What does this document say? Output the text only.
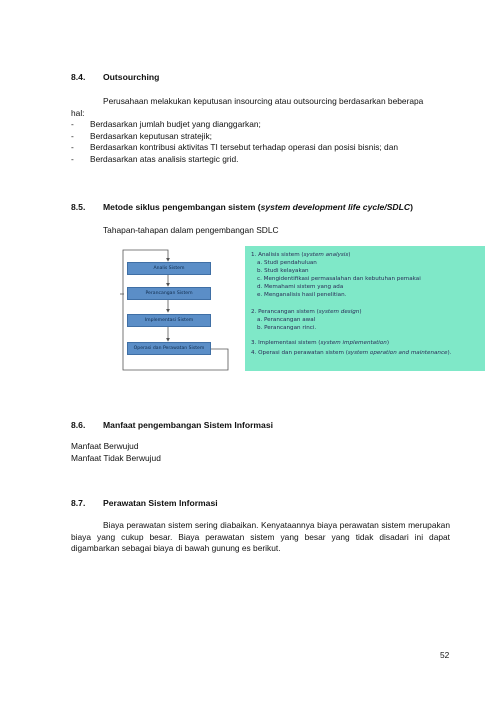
8.4. Outsourching
Perusahaan melakukan keputusan insourcing atau outsourcing berdasarkan beberapa
hal:
- Berdasarkan jumlah budjet yang dianggarkan;
- Berdasarkan keputusan stratejik;
- Berdasarkan kontribusi aktivitas TI tersebut terhadap operasi dan posisi bisnis; dan
- Berdasarkan atas analisis startegic grid.
8.5. Metode siklus pengembangan sistem (system development life cycle/SDLC)
Tahapan-tahapan dalam pengembangan SDLC
Analis Sistem
Perancangan Sistem
Implementasi Sistem
Operasi dan Perawatan Sistem
1. Analisis sistem (system analysis)
a. Studi pendahuluan
b. Studi kelayakan
c. Mengidentifikasi permasalahan dan kebutuhan pemakai
d. Memahami sistem yang ada
e. Menganalisis hasil penelitian.
2. Perancangan sistem (system design)
a. Perancangan awal
b. Perancangan rinci.
3. Implementasi sistem (system implementation)
4. Operasi dan perawatan sistem (system operation and maintenance).
8.6. Manfaat pengembangan Sistem Informasi
Manfaat Berwujud
Manfaat Tidak Berwujud
8.7. Perawatan Sistem Informasi
Biaya perawatan sistem sering diabaikan. Kenyataannya biaya perawatan sistem merupakan biaya yang cukup besar. Biaya perawatan sistem yang besar yang tidak disadari ini dapat digambarkan sebagai biaya di bawah gunung es berikut.
52
